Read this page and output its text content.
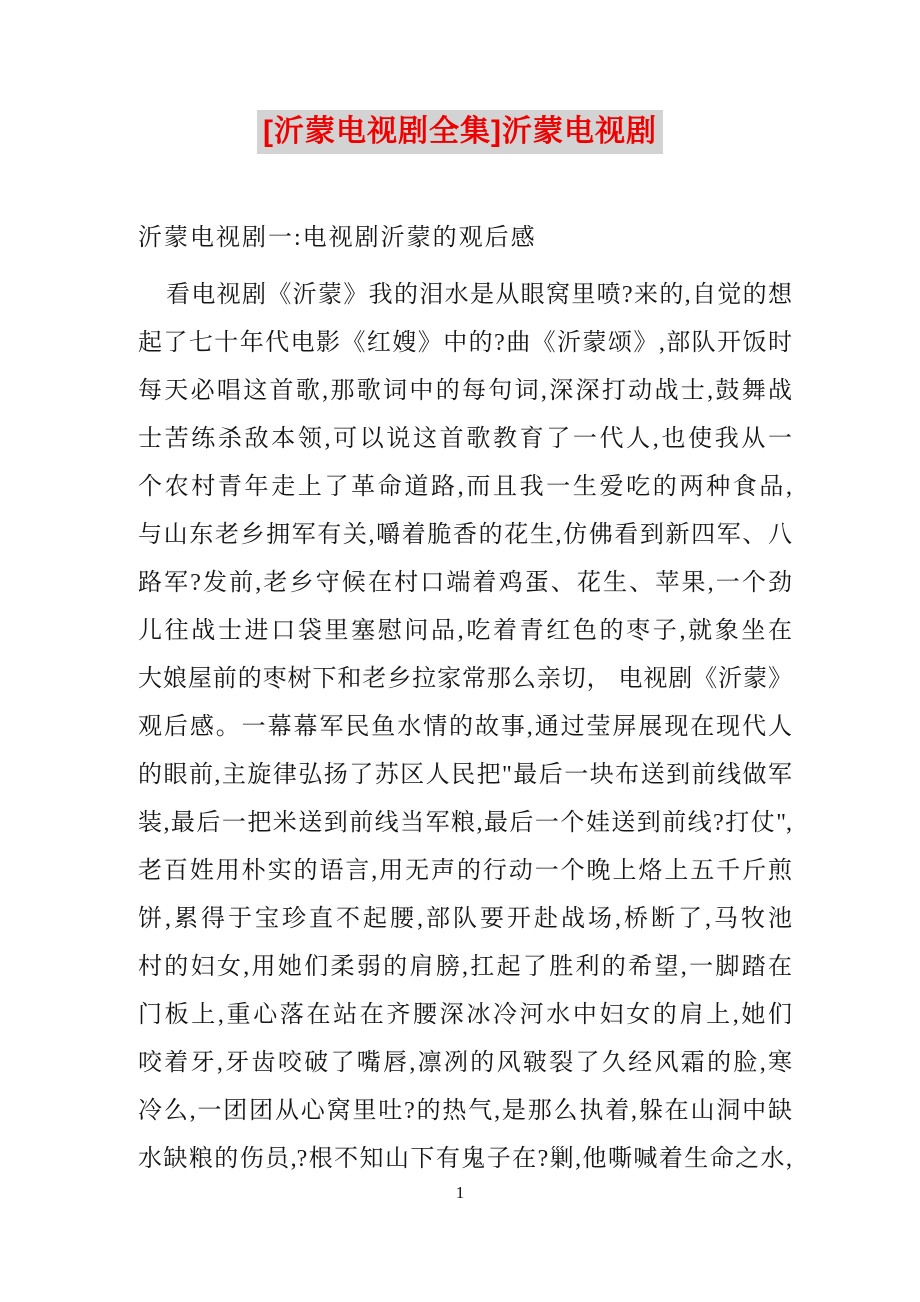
[沂蒙电视剧全集]沂蒙电视剧
沂蒙电视剧一:电视剧沂蒙的观后感
看电视剧《沂蒙》我的泪水是从眼窝里喷?来的,自觉的想
起了七十年代电影《红嫂》中的?曲《沂蒙颂》,部队开饭时
每天必唱这首歌,那歌词中的每句词,深深打动战士,鼓舞战
士苦练杀敌本领,可以说这首歌教育了一代人,也使我从一
个农村青年走上了革命道路,而且我一生爱吃的两种食品,
与山东老乡拥军有关,嚼着脆香的花生,仿佛看到新四军、八
路军?发前,老乡守候在村口端着鸡蛋、花生、苹果,一个劲
儿往战士进口袋里塞慰问品,吃着青红色的枣子,就象坐在
大娘屋前的枣树下和老乡拉家常那么亲切， 电视剧《沂蒙》
观后感。一幕幕军民鱼水情的故事,通过莹屏展现在现代人
的眼前,主旋律弘扬了苏区人民把"最后一块布送到前线做军
装,最后一把米送到前线当军粮,最后一个娃送到前线?打仗",
老百姓用朴实的语言,用无声的行动一个晚上烙上五千斤煎
饼,累得于宝珍直不起腰,部队要开赴战场,桥断了,马牧池
村的妇女,用她们柔弱的肩膀,扛起了胜利的希望,一脚踏在
门板上,重心落在站在齐腰深冰冷河水中妇女的肩上,她们
咬着牙,牙齿咬破了嘴唇,凛冽的风皲裂了久经风霜的脸,寒
冷么,一团团从心窝里吐?的热气,是那么执着,躲在山洞中缺
水缺粮的伤员,?根不知山下有鬼子在?剿,他嘶喊着生命之水,
1
